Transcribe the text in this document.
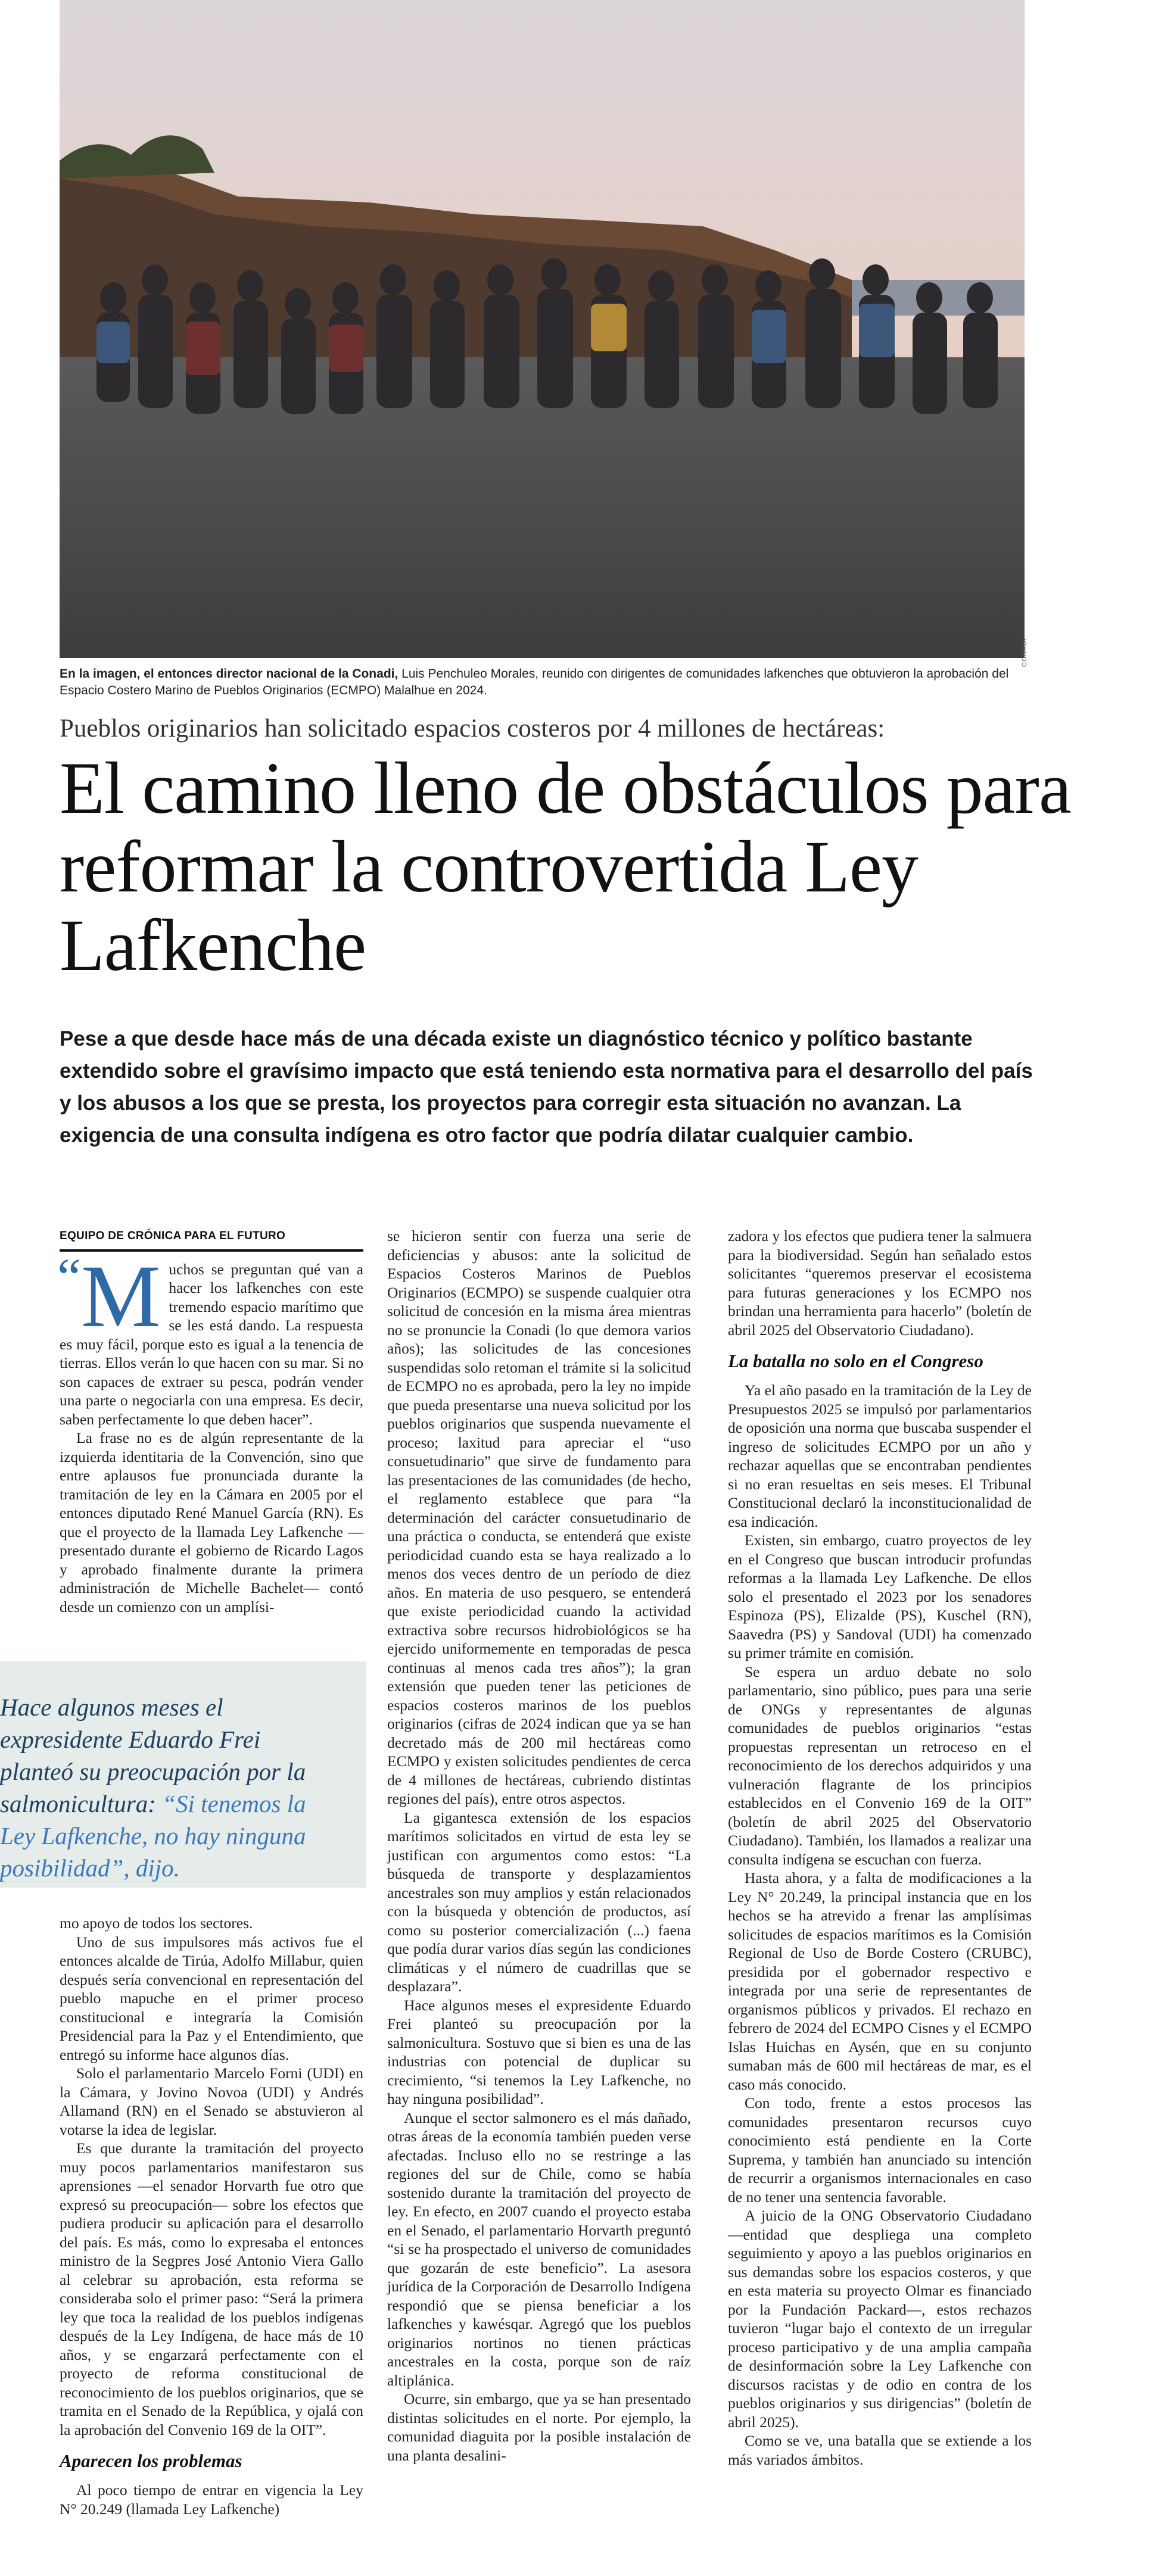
CONADI
En la imagen, el entonces director nacional de la Conadi, Luis Penchuleo Morales, reunido con dirigentes de comunidades lafkenches que obtuvieron la aprobación del Espacio Costero Marino de Pueblos Originarios (ECMPO) Malalhue en 2024.
Pueblos originarios han solicitado espacios costeros por 4 millones de hectáreas:
El camino lleno de obstáculos para reformar la controvertida Ley Lafkenche

Pese a que desde hace más de una década existe un diagnóstico técnico y político bastante extendido sobre el gravísimo impacto que está teniendo esta normativa para el desarrollo del país y los abusos a los que se presta, los proyectos para corregir esta situación no avanzan. La exigencia de una consulta indígena es otro factor que podría dilatar cualquier cambio.

Hace algunos meses el expresidente Eduardo Frei planteó su preocupación por la salmonicultura: “Si tenemos la Ley Lafkenche, no hay ninguna posibilidad”, dijo.

EQUIPO DE CRÓNICA PARA EL FUTURO

“ M uchos se preguntan qué van a hacer los lafkenches con este tremendo espacio marítimo que se les está dando. La respuesta es muy fácil, porque esto es igual a la tenencia de tierras. Ellos verán lo que hacen con su mar. Si no son capaces de extraer su pesca, podrán vender una parte o negociarla con una empresa. Es decir, saben perfectamente lo que deben hacer”.

La frase no es de algún representante de la izquierda identitaria de la Convención, sino que entre aplausos fue pronunciada durante la tramitación de ley en la Cámara en 2005 por el entonces diputado René Manuel García (RN). Es que el proyecto de la llamada Ley Lafkenche —presentado durante el gobierno de Ricardo Lagos y aprobado finalmente durante la primera administración de Michelle Bachelet— contó desde un comienzo con un amplísi-

mo apoyo de todos los sectores.

Uno de sus impulsores más activos fue el entonces alcalde de Tirúa, Adolfo Millabur, quien después sería convencional en representación del pueblo mapuche en el primer proceso constitucional e integraría la Comisión Presidencial para la Paz y el Entendimiento, que entregó su informe hace algunos días.

Solo el parlamentario Marcelo Forni (UDI) en la Cámara, y Jovino Novoa (UDI) y Andrés Allamand (RN) en el Senado se abstuvieron al votarse la idea de legislar.

Es que durante la tramitación del proyecto muy pocos parlamentarios manifestaron sus aprensiones —el senador Horvarth fue otro que expresó su preocupación— sobre los efectos que pudiera producir su aplicación para el desarrollo del país. Es más, como lo expresaba el entonces ministro de la Segpres José Antonio Viera Gallo al celebrar su aprobación, esta reforma se consideraba solo el primer paso: “Será la primera ley que toca la realidad de los pueblos indígenas después de la Ley Indígena, de hace más de 10 años, y se engarzará perfectamente con el proyecto de reforma constitucional de reconocimiento de los pueblos originarios, que se tramita en el Senado de la República, y ojalá con la aprobación del Convenio 169 de la OIT”.

Aparecen los problemas

Al poco tiempo de entrar en vigencia la Ley N° 20.249 (llamada Ley Lafkenche)

se hicieron sentir con fuerza una serie de deficiencias y abusos: ante la solicitud de Espacios Costeros Marinos de Pueblos Originarios (ECMPO) se suspende cualquier otra solicitud de concesión en la misma área mientras no se pronuncie la Conadi (lo que demora varios años); las solicitudes de las concesiones suspendidas solo retoman el trámite si la solicitud de ECMPO no es aprobada, pero la ley no impide que pueda presentarse una nueva solicitud por los pueblos originarios que suspenda nuevamente el proceso; laxitud para apreciar el “uso consuetudinario” que sirve de fundamento para las presentaciones de las comunidades (de hecho, el reglamento establece que para “la determinación del carácter consuetudinario de una práctica o conducta, se entenderá que existe periodicidad cuando esta se haya realizado a lo menos dos veces dentro de un período de diez años. En materia de uso pesquero, se entenderá que existe periodicidad cuando la actividad extractiva sobre recursos hidrobiológicos se ha ejercido uniformemente en temporadas de pesca continuas al menos cada tres años”); la gran extensión que pueden tener las peticiones de espacios costeros marinos de los pueblos originarios (cifras de 2024 indican que ya se han decretado más de 200 mil hectáreas como ECMPO y existen solicitudes pendientes de cerca de 4 millones de hectáreas, cubriendo distintas regiones del país), entre otros aspectos.

La gigantesca extensión de los espacios marítimos solicitados en virtud de esta ley se justifican con argumentos como estos: “La búsqueda de transporte y desplazamientos ancestrales son muy amplios y están relacionados con la búsqueda y obtención de productos, así como su posterior comercialización (...) faena que podía durar varios días según las condiciones climáticas y el número de cuadrillas que se desplazara”.

Hace algunos meses el expresidente Eduardo Frei planteó su preocupación por la salmonicultura. Sostuvo que si bien es una de las industrias con potencial de duplicar su crecimiento, “si tenemos la Ley Lafkenche, no hay ninguna posibilidad”.

Aunque el sector salmonero es el más dañado, otras áreas de la economía también pueden verse afectadas. Incluso ello no se restringe a las regiones del sur de Chile, como se había sostenido durante la tramitación del proyecto de ley. En efecto, en 2007 cuando el proyecto estaba en el Senado, el parlamentario Horvarth preguntó “si se ha prospectado el universo de comunidades que gozarán de este beneficio”. La asesora jurídica de la Corporación de Desarrollo Indígena respondió que se piensa beneficiar a los lafkenches y kawésqar. Agregó que los pueblos originarios nortinos no tienen prácticas ancestrales en la costa, porque son de raíz altiplánica.

Ocurre, sin embargo, que ya se han presentado distintas solicitudes en el norte. Por ejemplo, la comunidad diaguita por la posible instalación de una planta desalini-

zadora y los efectos que pudiera tener la salmuera para la biodiversidad. Según han señalado estos solicitantes “queremos preservar el ecosistema para futuras generaciones y los ECMPO nos brindan una herramienta para hacerlo” (boletín de abril 2025 del Observatorio Ciudadano).

La batalla no solo en el Congreso

Ya el año pasado en la tramitación de la Ley de Presupuestos 2025 se impulsó por parlamentarios de oposición una norma que buscaba suspender el ingreso de solicitudes ECMPO por un año y rechazar aquellas que se encontraban pendientes si no eran resueltas en seis meses. El Tribunal Constitucional declaró la inconstitucionalidad de esa indicación.

Existen, sin embargo, cuatro proyectos de ley en el Congreso que buscan introducir profundas reformas a la llamada Ley Lafkenche. De ellos solo el presentado el 2023 por los senadores Espinoza (PS), Elizalde (PS), Kuschel (RN), Saavedra (PS) y Sandoval (UDI) ha comenzado su primer trámite en comisión.

Se espera un arduo debate no solo parlamentario, sino público, pues para una serie de ONGs y representantes de algunas comunidades de pueblos originarios “estas propuestas representan un retroceso en el reconocimiento de los derechos adquiridos y una vulneración flagrante de los principios establecidos en el Convenio 169 de la OIT” (boletín de abril 2025 del Observatorio Ciudadano). También, los llamados a realizar una consulta indígena se escuchan con fuerza.

Hasta ahora, y a falta de modificaciones a la Ley N° 20.249, la principal instancia que en los hechos se ha atrevido a frenar las amplísimas solicitudes de espacios marítimos es la Comisión Regional de Uso de Borde Costero (CRUBC), presidida por el gobernador respectivo e integrada por una serie de representantes de organismos públicos y privados. El rechazo en febrero de 2024 del ECMPO Cisnes y el ECMPO Islas Huichas en Aysén, que en su conjunto sumaban más de 600 mil hectáreas de mar, es el caso más conocido.

Con todo, frente a estos procesos las comunidades presentaron recursos cuyo conocimiento está pendiente en la Corte Suprema, y también han anunciado su intención de recurrir a organismos internacionales en caso de no tener una sentencia favorable.

A juicio de la ONG Observatorio Ciudadano —entidad que despliega una completo seguimiento y apoyo a las pueblos originarios en sus demandas sobre los espacios costeros, y que en esta materia su proyecto Olmar es financiado por la Fundación Packard—, estos rechazos tuvieron “lugar bajo el contexto de un irregular proceso participativo y de una amplia campaña de desinformación sobre la Ley Lafkenche con discursos racistas y de odio en contra de los pueblos originarios y sus dirigencias” (boletín de abril 2025).

Como se ve, una batalla que se extiende a los más variados ámbitos.
